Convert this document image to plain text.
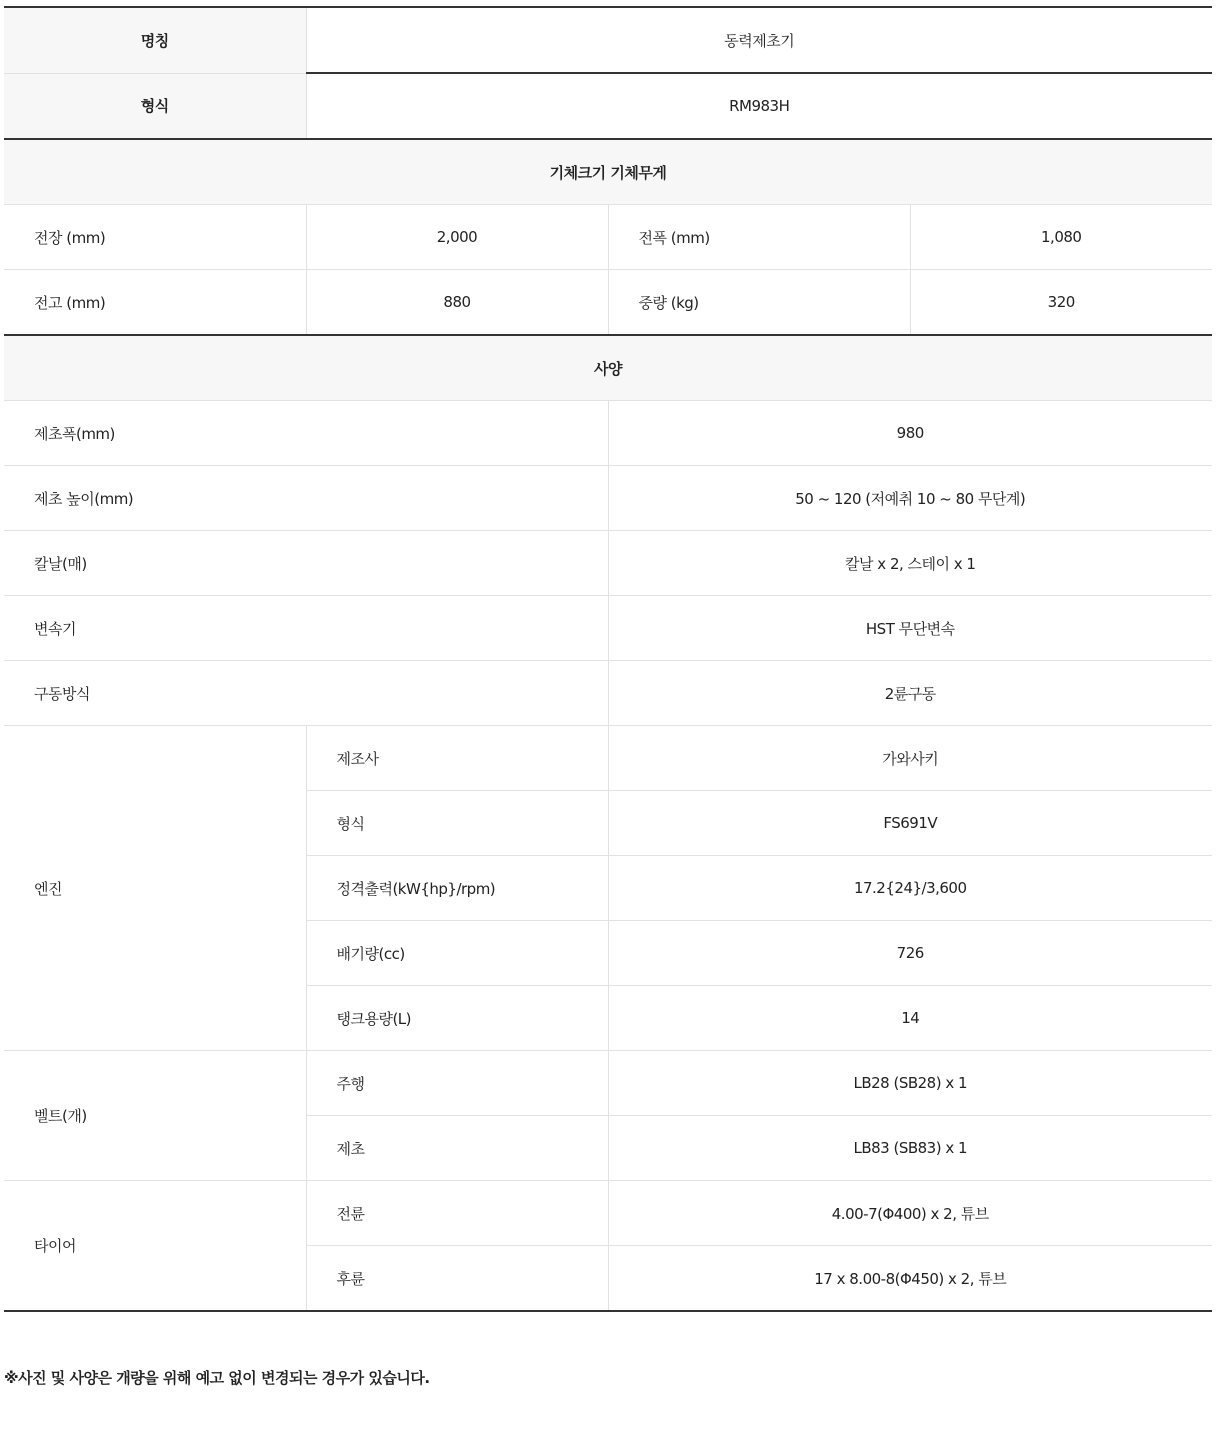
명칭	동력제초기		
형식	RM983H		
기체크기 기체무게			
전장 (mm)	2,000	전폭 (mm)	1,080
전고 (mm)	880	중량 (kg)	320
사양			
제초폭(mm)		980	
제초 높이(mm)		50 ~ 120 (저예취 10 ~ 80 무단계)	
칼날(매)		칼날 x 2, 스테이 x 1	
변속기		HST 무단변속	
구동방식		2륜구동	
엔진	제조사	가와사키	
	형식	FS691V	
	정격출력(kW{hp}/rpm)	17.2{24}/3,600	
	배기량(cc)	726	
	탱크용량(L)	14	
벨트(개)	주행	LB28 (SB28) x 1	
	제초	LB83 (SB83) x 1	
타이어	전륜	4.00-7(Φ400) x 2, 튜브	
	후륜	17 x 8.00-8(Φ450) x 2, 튜브	
※사진 및 사양은 개량을 위해 예고 없이 변경되는 경우가 있습니다.
